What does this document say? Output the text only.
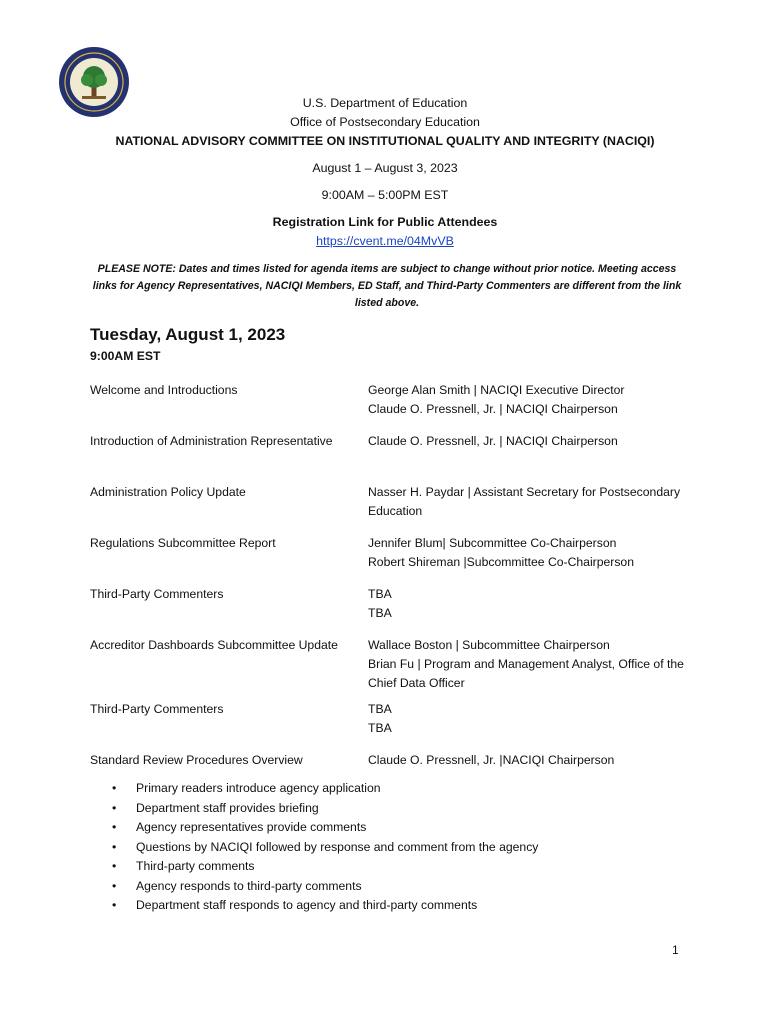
U.S. Department of Education
Office of Postsecondary Education
NATIONAL ADVISORY COMMITTEE ON INSTITUTIONAL QUALITY AND INTEGRITY (NACIQI)
August 1 – August 3, 2023
9:00AM – 5:00PM EST
Registration Link for Public Attendees
https://cvent.me/04MvVB
PLEASE NOTE: Dates and times listed for agenda items are subject to change without prior notice. Meeting access links for Agency Representatives, NACIQI Members, ED Staff, and Third-Party Commenters are different from the link listed above.
Tuesday, August 1, 2023
9:00AM EST
Welcome and Introductions	George Alan Smith | NACIQI Executive Director
Claude O. Pressnell, Jr. | NACIQI Chairperson
Introduction of Administration Representative	Claude O. Pressnell, Jr. | NACIQI Chairperson
Administration Policy Update	Nasser H. Paydar | Assistant Secretary for Postsecondary Education
Regulations Subcommittee Report	Jennifer Blum| Subcommittee Co-Chairperson
Robert Shireman |Subcommittee Co-Chairperson
Third-Party Commenters	TBA
TBA
Accreditor Dashboards Subcommittee Update	Wallace Boston | Subcommittee Chairperson
Brian Fu | Program and Management Analyst, Office of the Chief Data Officer
Third-Party Commenters	TBA
TBA
Standard Review Procedures Overview	Claude O. Pressnell, Jr. |NACIQI Chairperson
•	Primary readers introduce agency application
•	Department staff provides briefing
•	Agency representatives provide comments
•	Questions by NACIQI followed by response and comment from the agency
•	Third-party comments
•	Agency responds to third-party comments
•	Department staff responds to agency and third-party comments
1
